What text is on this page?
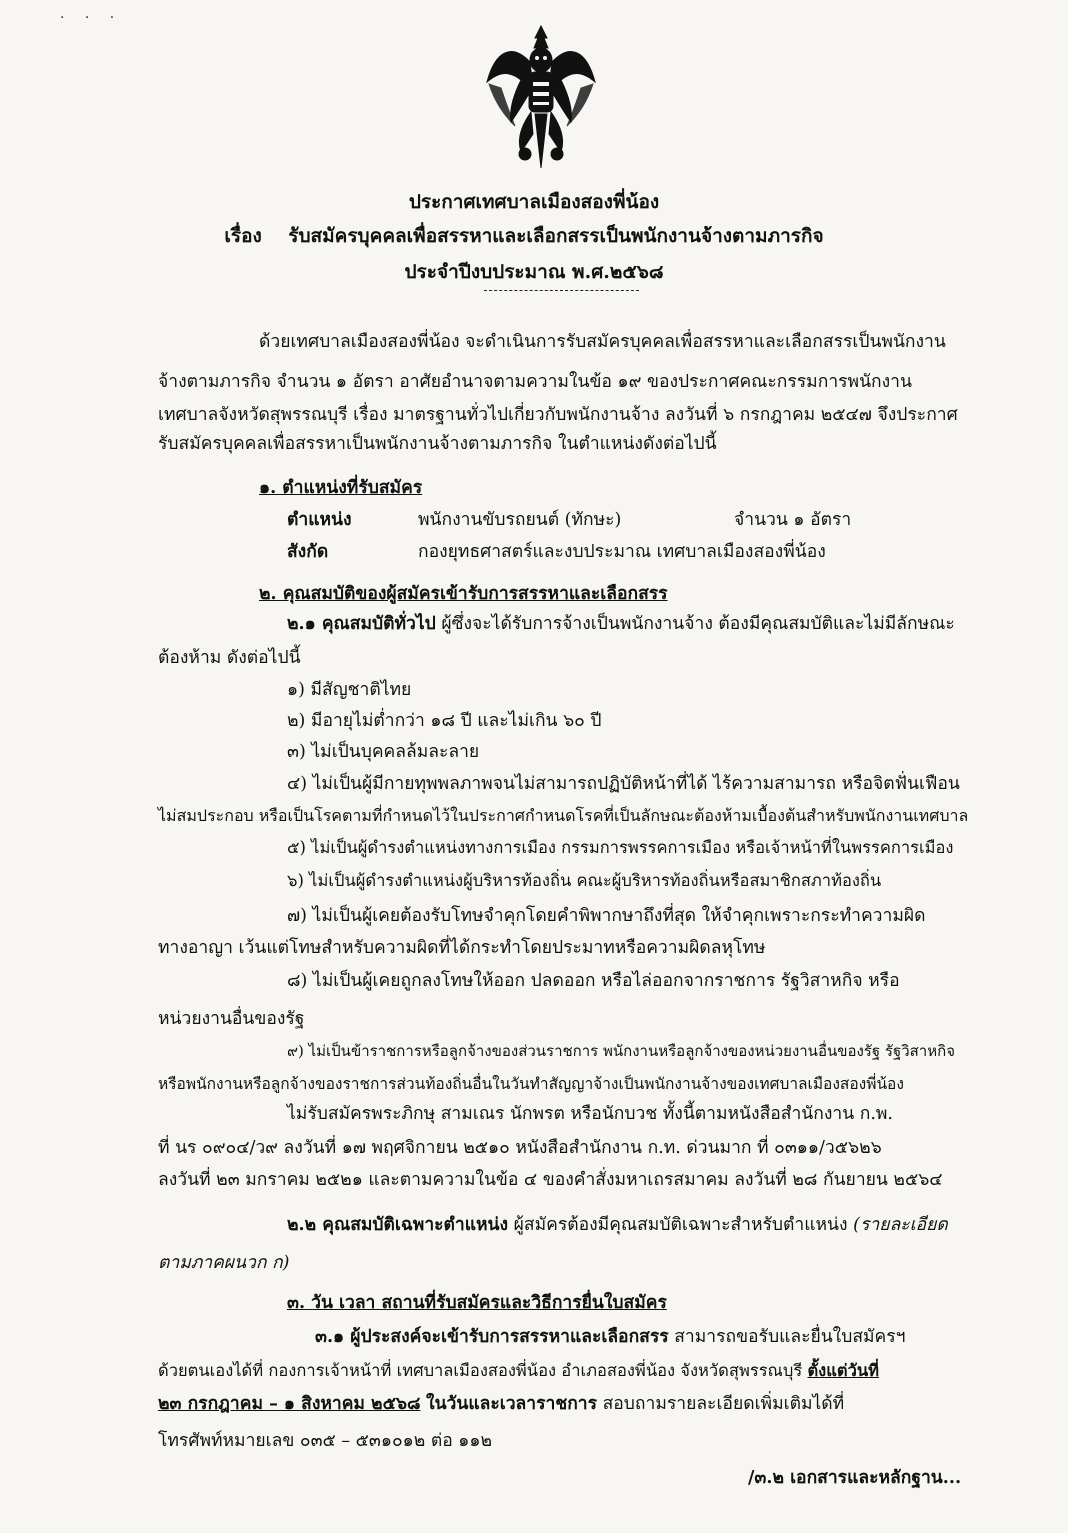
· · ·
ประกาศเทศบาลเมืองสองพี่น้อง
เรื่อง รับสมัครบุคคลเพื่อสรรหาและเลือกสรรเป็นพนักงานจ้างตามภารกิจ
ประจำปีงบประมาณ พ.ศ.๒๕๖๘
ด้วยเทศบาลเมืองสองพี่น้อง จะดำเนินการรับสมัครบุคคลเพื่อสรรหาและเลือกสรรเป็นพนักงาน
จ้างตามภารกิจ จำนวน ๑ อัตรา อาศัยอำนาจตามความในข้อ ๑๙ ของประกาศคณะกรรมการพนักงาน
เทศบาลจังหวัดสุพรรณบุรี เรื่อง มาตรฐานทั่วไปเกี่ยวกับพนักงานจ้าง ลงวันที่ ๖ กรกฎาคม ๒๕๔๗ จึงประกาศ
รับสมัครบุคคลเพื่อสรรหาเป็นพนักงานจ้างตามภารกิจ ในตำแหน่งดังต่อไปนี้
๑. ตำแหน่งที่รับสมัคร
ตำแหน่ง	พนักงานขับรถยนต์ (ทักษะ)	จำนวน ๑ อัตรา
สังกัด	กองยุทธศาสตร์และงบประมาณ เทศบาลเมืองสองพี่น้อง
๒. คุณสมบัติของผู้สมัครเข้ารับการสรรหาและเลือกสรร
๒.๑ คุณสมบัติทั่วไป ผู้ซึ่งจะได้รับการจ้างเป็นพนักงานจ้าง ต้องมีคุณสมบัติและไม่มีลักษณะ
ต้องห้าม ดังต่อไปนี้
๑) มีสัญชาติไทย
๒) มีอายุไม่ต่ำกว่า ๑๘ ปี และไม่เกิน ๖๐ ปี
๓) ไม่เป็นบุคคลล้มละลาย
๔) ไม่เป็นผู้มีกายทุพพลภาพจนไม่สามารถปฏิบัติหน้าที่ได้ ไร้ความสามารถ หรือจิตฟั่นเฟือน
ไม่สมประกอบ หรือเป็นโรคตามที่กำหนดไว้ในประกาศกำหนดโรคที่เป็นลักษณะต้องห้ามเบื้องต้นสำหรับพนักงานเทศบาล
๕) ไม่เป็นผู้ดำรงตำแหน่งทางการเมือง กรรมการพรรคการเมือง หรือเจ้าหน้าที่ในพรรคการเมือง
๖) ไม่เป็นผู้ดำรงตำแหน่งผู้บริหารท้องถิ่น คณะผู้บริหารท้องถิ่นหรือสมาชิกสภาท้องถิ่น
๗) ไม่เป็นผู้เคยต้องรับโทษจำคุกโดยคำพิพากษาถึงที่สุด ให้จำคุกเพราะกระทำความผิด
ทางอาญา เว้นแต่โทษสำหรับความผิดที่ได้กระทำโดยประมาทหรือความผิดลหุโทษ
๘) ไม่เป็นผู้เคยถูกลงโทษให้ออก ปลดออก หรือไล่ออกจากราชการ รัฐวิสาหกิจ หรือ
หน่วยงานอื่นของรัฐ
๙) ไม่เป็นข้าราชการหรือลูกจ้างของส่วนราชการ พนักงานหรือลูกจ้างของหน่วยงานอื่นของรัฐ รัฐวิสาหกิจ
หรือพนักงานหรือลูกจ้างของราชการส่วนท้องถิ่นอื่นในวันทำสัญญาจ้างเป็นพนักงานจ้างของเทศบาลเมืองสองพี่น้อง
ไม่รับสมัครพระภิกษุ สามเณร นักพรต หรือนักบวช ทั้งนี้ตามหนังสือสำนักงาน ก.พ.
ที่ นร ๐๙๐๔/ว๙ ลงวันที่ ๑๗ พฤศจิกายน ๒๕๑๐ หนังสือสำนักงาน ก.ท. ด่วนมาก ที่ ๐๓๑๑/ว๕๖๒๖
ลงวันที่ ๒๓ มกราคม ๒๕๒๑ และตามความในข้อ ๔ ของคำสั่งมหาเถรสมาคม ลงวันที่ ๒๘ กันยายน ๒๕๖๔
๒.๒ คุณสมบัติเฉพาะตำแหน่ง ผู้สมัครต้องมีคุณสมบัติเฉพาะสำหรับตำแหน่ง (รายละเอียด
ตามภาคผนวก ก)
๓. วัน เวลา สถานที่รับสมัครและวิธีการยื่นใบสมัคร
๓.๑ ผู้ประสงค์จะเข้ารับการสรรหาและเลือกสรร สามารถขอรับและยื่นใบสมัครฯ
ด้วยตนเองได้ที่ กองการเจ้าหน้าที่ เทศบาลเมืองสองพี่น้อง อำเภอสองพี่น้อง จังหวัดสุพรรณบุรี ตั้งแต่วันที่
๒๓ กรกฎาคม – ๑ สิงหาคม ๒๕๖๘ ในวันและเวลาราชการ สอบถามรายละเอียดเพิ่มเติมได้ที่
โทรศัพท์หมายเลข ๐๓๕ – ๕๓๑๐๑๒ ต่อ ๑๑๒
/๓.๒ เอกสารและหลักฐาน...
